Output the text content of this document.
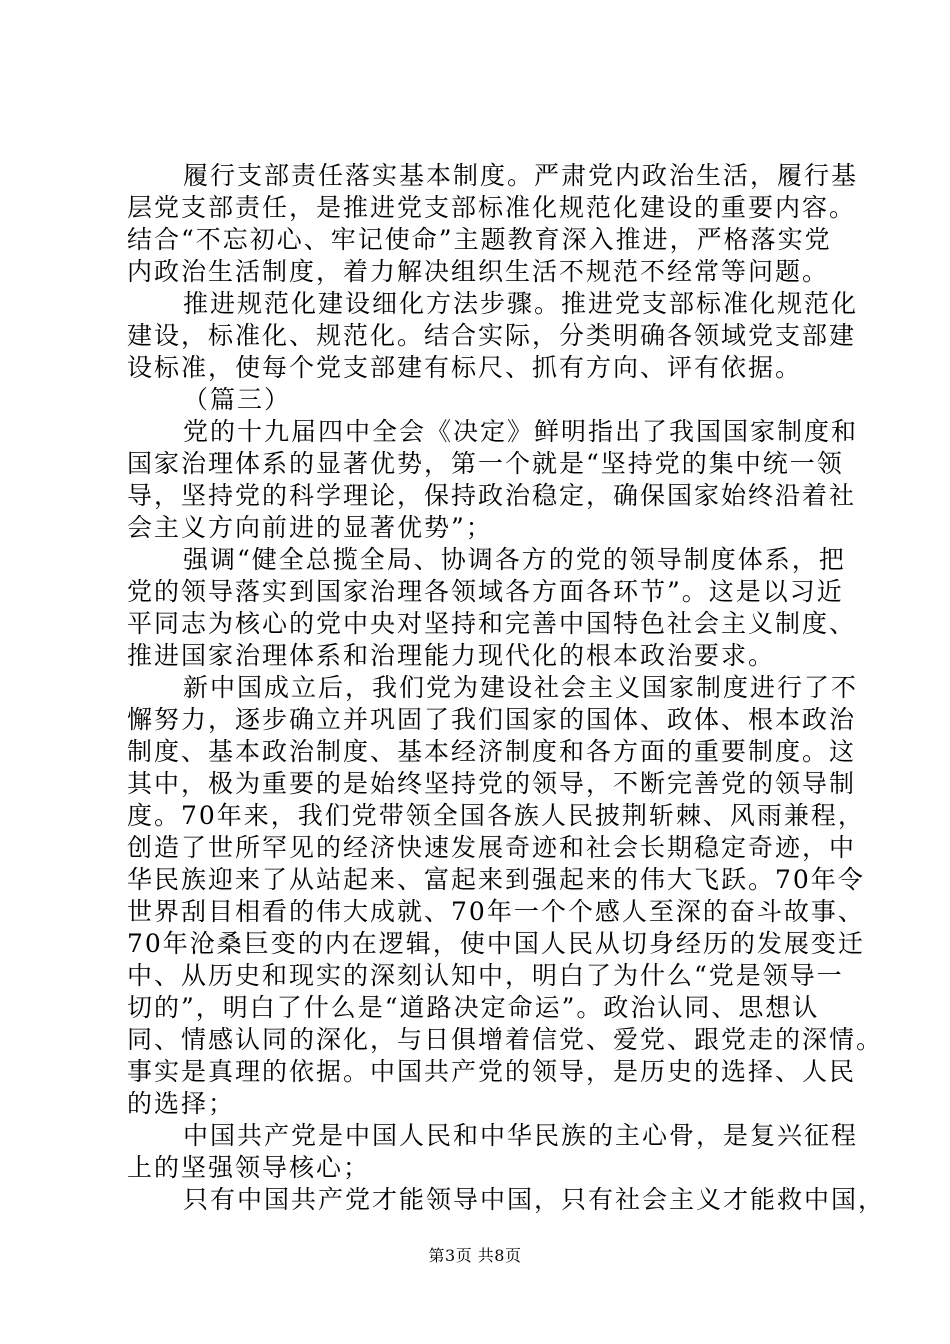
履行支部责任落实基本制度。严肃党内政治生活，履行基
层党支部责任，是推进党支部标准化规范化建设的重要内容。
结合“不忘初心、牢记使命”主题教育深入推进，严格落实党
内政治生活制度，着力解决组织生活不规范不经常等问题。
推进规范化建设细化方法步骤。推进党支部标准化规范化
建设，标准化、规范化。结合实际，分类明确各领域党支部建
设标准，使每个党支部建有标尺、抓有方向、评有依据。
（篇三）
党的十九届四中全会《决定》鲜明指出了我国国家制度和
国家治理体系的显著优势，第一个就是“坚持党的集中统一领
导，坚持党的科学理论，保持政治稳定，确保国家始终沿着社
会主义方向前进的显著优势”；
强调“健全总揽全局、协调各方的党的领导制度体系，把
党的领导落实到国家治理各领域各方面各环节”。这是以习近
平同志为核心的党中央对坚持和完善中国特色社会主义制度、
推进国家治理体系和治理能力现代化的根本政治要求。
新中国成立后，我们党为建设社会主义国家制度进行了不
懈努力，逐步确立并巩固了我们国家的国体、政体、根本政治
制度、基本政治制度、基本经济制度和各方面的重要制度。这
其中，极为重要的是始终坚持党的领导，不断完善党的领导制
度。70年来，我们党带领全国各族人民披荆斩棘、风雨兼程，
创造了世所罕见的经济快速发展奇迹和社会长期稳定奇迹，中
华民族迎来了从站起来、富起来到强起来的伟大飞跃。70年令
世界刮目相看的伟大成就、70年一个个感人至深的奋斗故事、
70年沧桑巨变的内在逻辑，使中国人民从切身经历的发展变迁
中、从历史和现实的深刻认知中，明白了为什么“党是领导一
切的”，明白了什么是“道路决定命运”。政治认同、思想认
同、情感认同的深化，与日俱增着信党、爱党、跟党走的深情。
事实是真理的依据。中国共产党的领导，是历史的选择、人民
的选择；
中国共产党是中国人民和中华民族的主心骨，是复兴征程
上的坚强领导核心；
只有中国共产党才能领导中国，只有社会主义才能救中国，
第3页 共8页
